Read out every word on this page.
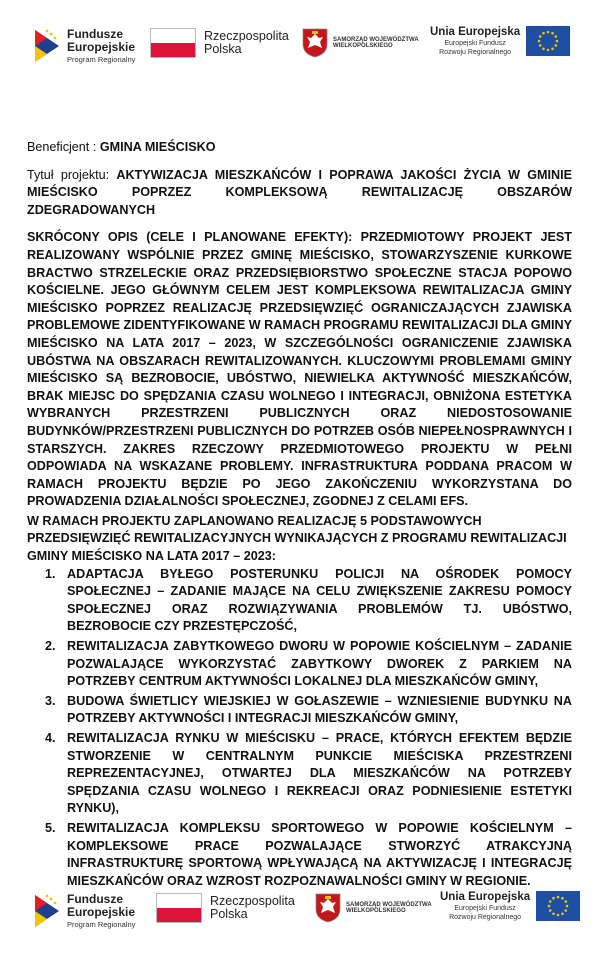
Fundusze
Europejskie
Program Regionalny
Rzeczpospolita
Polska
SAMORZĄD WOJEWÓDZTWA
WIELKOPOLSKIEGO
Unia Europejska
Europejski Fundusz
Rozwoju Regionalnego

Beneficjent : GMINA MIEŚCISKO

Tytuł projektu: AKTYWIZACJA MIESZKAŃCÓW I POPRAWA JAKOŚCI ŻYCIA W GMINIE MIEŚCISKO POPRZEZ KOMPLEKSOWĄ REWITALIZACJĘ OBSZARÓW ZDEGRADOWANYCH

SKRÓCONY OPIS (CELE I PLANOWANE EFEKTY): PRZEDMIOTOWY PROJEKT JEST REALIZOWANY WSPÓLNIE PRZEZ GMINĘ MIEŚCISKO, STOWARZYSZENIE KURKOWE BRACTWO STRZELECKIE ORAZ PRZEDSIĘBIORSTWO SPOŁECZNE STACJA POPOWO KOŚCIELNE. JEGO GŁÓWNYM CELEM JEST KOMPLEKSOWA REWITALIZACJA GMINY MIEŚCISKO POPRZEZ REALIZACJĘ PRZEDSIĘWZIĘĆ OGRANICZAJĄCYCH ZJAWISKA PROBLEMOWE ZIDENTYFIKOWANE W RAMACH PROGRAMU REWITALIZACJI DLA GMINY MIEŚCISKO NA LATA 2017 – 2023, W SZCZEGÓLNOŚCI OGRANICZENIE ZJAWISKA UBÓSTWA NA OBSZARACH REWITALIZOWANYCH. KLUCZOWYMI PROBLEMAMI GMINY MIEŚCISKO SĄ BEZROBOCIE, UBÓSTWO, NIEWIELKA AKTYWNOŚĆ MIESZKAŃCÓW, BRAK MIEJSC DO SPĘDZANIA CZASU WOLNEGO I INTEGRACJI, OBNIŻONA ESTETYKA WYBRANYCH PRZESTRZENI PUBLICZNYCH ORAZ NIEDOSTOSOWANIE BUDYNKÓW/PRZESTRZENI PUBLICZNYCH DO POTRZEB OSÓB NIEPEŁNOSPRAWNYCH I STARSZYCH. ZAKRES RZECZOWY PRZEDMIOTOWEGO PROJEKTU W PEŁNI ODPOWIADA NA WSKAZANE PROBLEMY. INFRASTRUKTURA PODDANA PRACOM W RAMACH PROJEKTU BĘDZIE PO JEGO ZAKOŃCZENIU WYKORZYSTANA DO PROWADZENIA DZIAŁALNOŚCI SPOŁECZNEJ, ZGODNEJ Z CELAMI EFS.

W RAMACH PROJEKTU ZAPLANOWANO REALIZACJĘ 5 PODSTAWOWYCH PRZEDSIĘWZIĘĆ REWITALIZACYJNYCH WYNIKAJĄCYCH Z PROGRAMU REWITALIZACJI GMINY MIEŚCISKO NA LATA 2017 – 2023:

1. ADAPTACJA BYŁEGO POSTERUNKU POLICJI NA OŚRODEK POMOCY SPOŁECZNEJ – ZADANIE MAJĄCE NA CELU ZWIĘKSZENIE ZAKRESU POMOCY SPOŁECZNEJ ORAZ ROZWIĄZYWANIA PROBLEMÓW TJ. UBÓSTWO, BEZROBOCIE CZY PRZESTĘPCZOŚĆ,
2. REWITALIZACJA ZABYTKOWEGO DWORU W POPOWIE KOŚCIELNYM – ZADANIE POZWALAJĄCE WYKORZYSTAĆ ZABYTKOWY DWOREK Z PARKIEM NA POTRZEBY CENTRUM AKTYWNOŚCI LOKALNEJ DLA MIESZKAŃCÓW GMINY,
3. BUDOWA ŚWIETLICY WIEJSKIEJ W GOŁASZEWIE – WZNIESIENIE BUDYNKU NA POTRZEBY AKTYWNOŚCI I INTEGRACJI MIESZKAŃCÓW GMINY,
4. REWITALIZACJA RYNKU W MIEŚCISKU – PRACE, KTÓRYCH EFEKTEM BĘDZIE STWORZENIE W CENTRALNYM PUNKCIE MIEŚCISKA PRZESTRZENI REPREZENTACYJNEJ, OTWARTEJ DLA MIESZKAŃCÓW NA POTRZEBY SPĘDZANIA CZASU WOLNEGO I REKREACJI ORAZ PODNIESIENIE ESTETYKI RYNKU),
5. REWITALIZACJA KOMPLEKSU SPORTOWEGO W POPOWIE KOŚCIELNYM – KOMPLEKSOWE PRACE POZWALAJĄCE STWORZYĆ ATRAKCYJNĄ INFRASTRUKTURĘ SPORTOWĄ WPŁYWAJĄCĄ NA AKTYWIZACJĘ I INTEGRACJĘ MIESZKAŃCÓW ORAZ WZROST ROZPOZNAWALNOŚCI GMINY W REGIONIE.
Fundusze
Europejskie
Program Regionalny
Rzeczpospolita
Polska
SAMORZĄD WOJEWÓDZTWA
WIELKOPOLSKIEGO
Unia Europejska
Europejski Fundusz
Rozwoju Regionalnego
